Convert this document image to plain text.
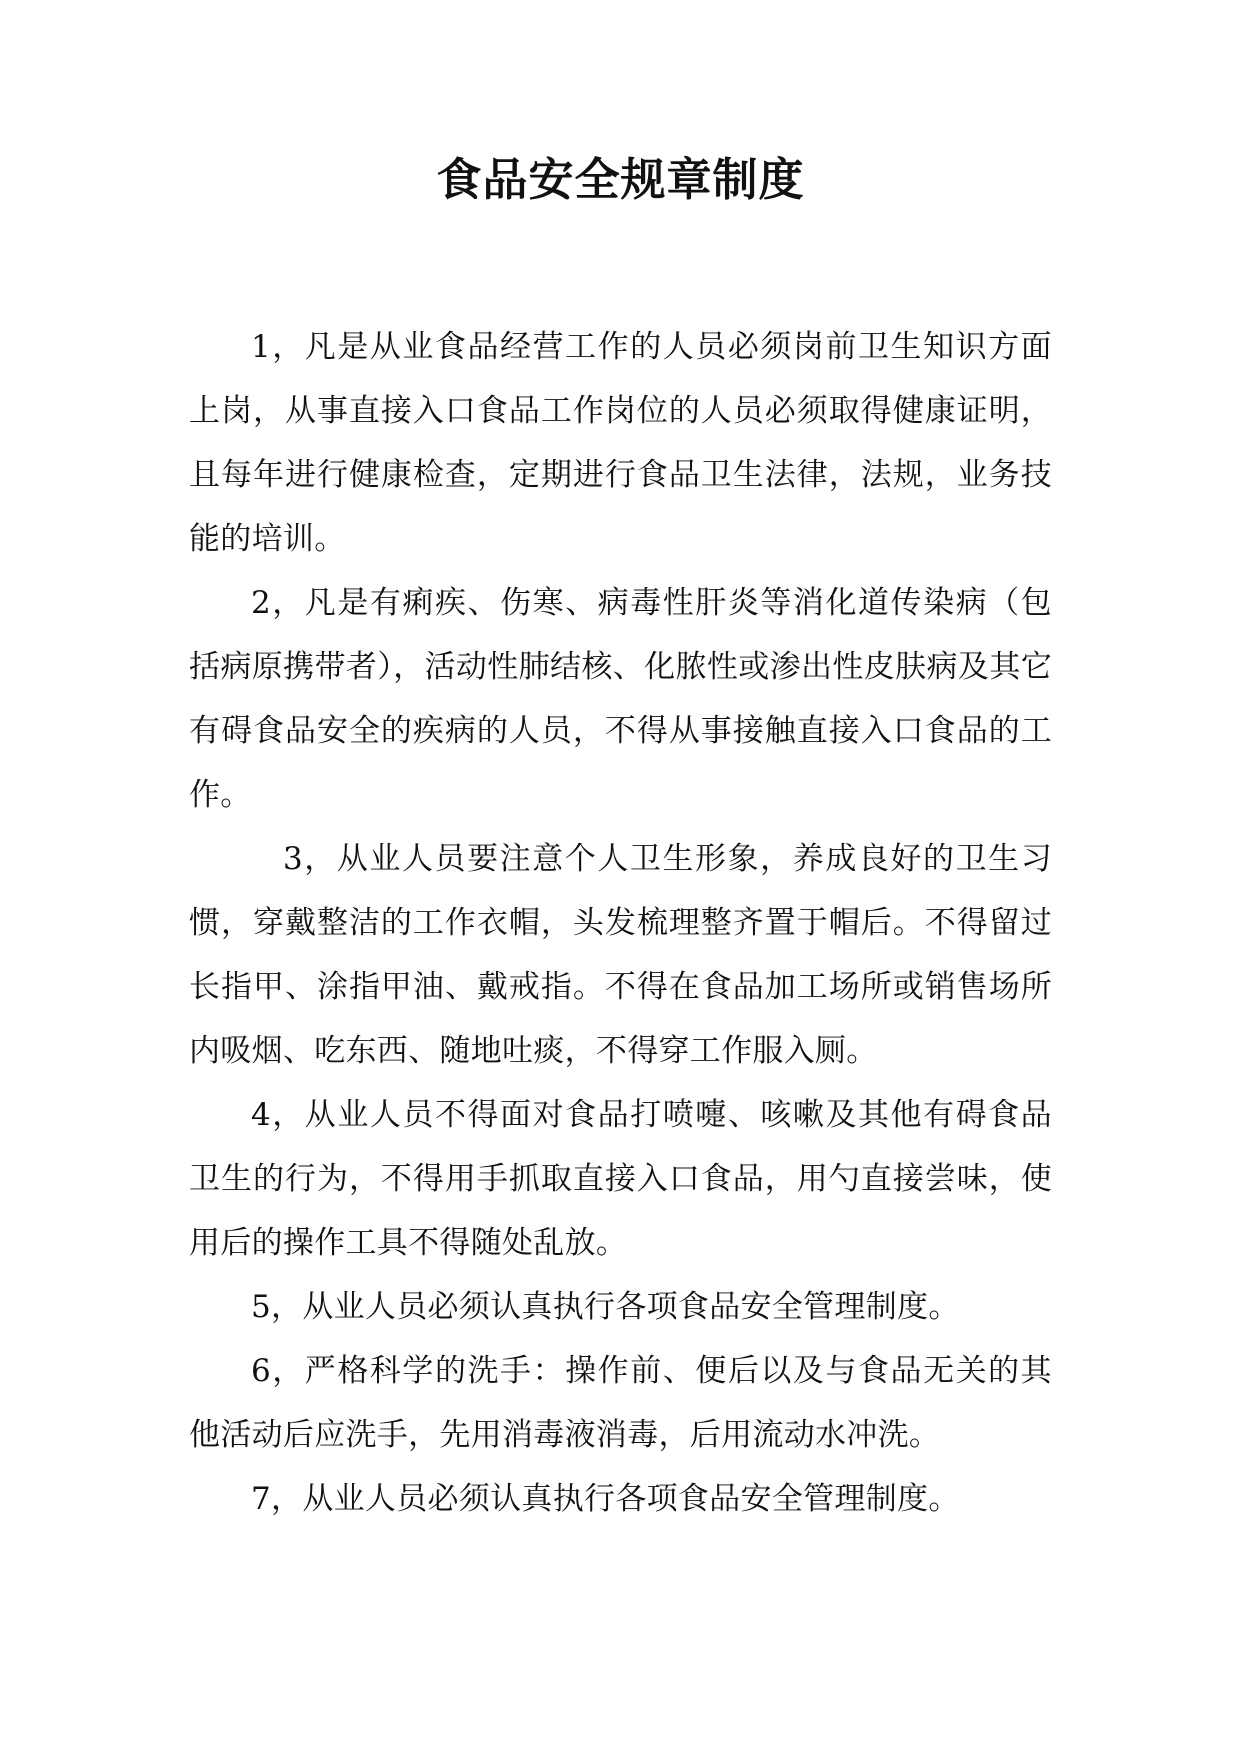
食品安全规章制度

1，凡是从业食品经营工作的人员必须岗前卫生知识方面上岗，从事直接入口食品工作岗位的人员必须取得健康证明，且每年进行健康检查，定期进行食品卫生法律，法规，业务技能的培训。

2，凡是有痢疾、伤寒、病毒性肝炎等消化道传染病（包括病原携带者），活动性肺结核、化脓性或渗出性皮肤病及其它有碍食品安全的疾病的人员，不得从事接触直接入口食品的工作。

3，从业人员要注意个人卫生形象，养成良好的卫生习惯，穿戴整洁的工作衣帽，头发梳理整齐置于帽后。不得留过长指甲、涂指甲油、戴戒指。不得在食品加工场所或销售场所内吸烟、吃东西、随地吐痰，不得穿工作服入厕。

4，从业人员不得面对食品打喷嚏、咳嗽及其他有碍食品卫生的行为，不得用手抓取直接入口食品，用勺直接尝味，使用后的操作工具不得随处乱放。

5，从业人员必须认真执行各项食品安全管理制度。

6，严格科学的洗手：操作前、便后以及与食品无关的其他活动后应洗手，先用消毒液消毒，后用流动水冲洗。

7，从业人员必须认真执行各项食品安全管理制度。
